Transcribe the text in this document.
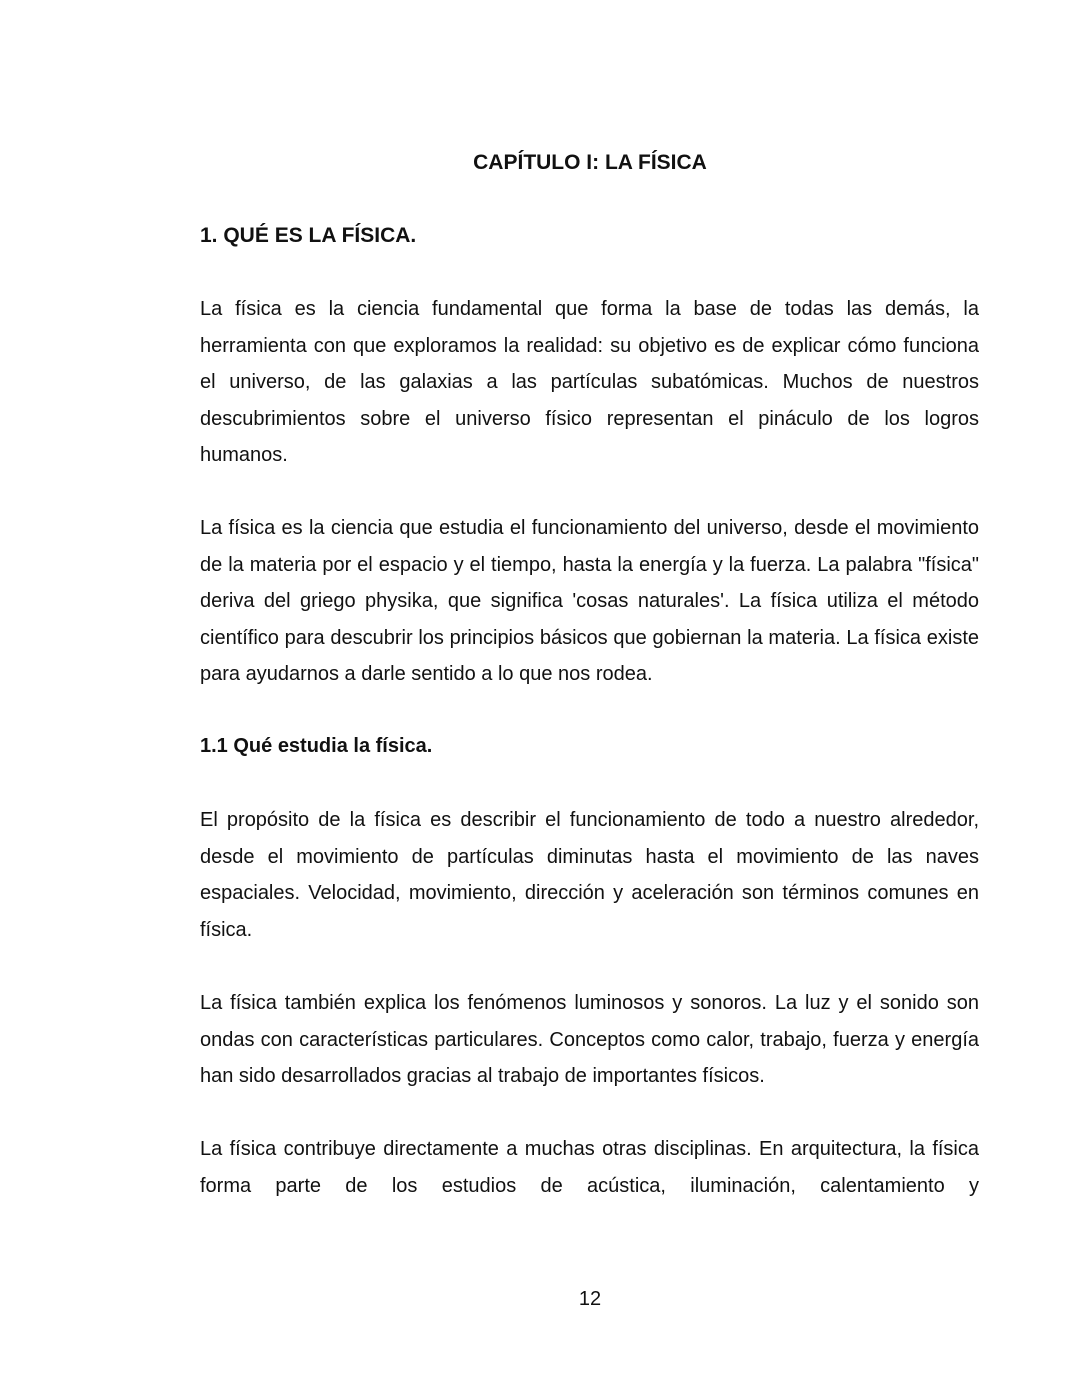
CAPÍTULO I: LA FÍSICA
1. QUÉ ES LA FÍSICA.

La física es la ciencia fundamental que forma la base de todas las demás, la herramienta con que exploramos la realidad: su objetivo es de explicar cómo funciona el universo, de las galaxias a las partículas subatómicas. Muchos de nuestros descubrimientos sobre el universo físico representan el pináculo de los logros humanos.

La física es la ciencia que estudia el funcionamiento del universo, desde el movimiento de la materia por el espacio y el tiempo, hasta la energía y la fuerza. La palabra "física" deriva del griego physika, que significa 'cosas naturales'. La física utiliza el método científico para descubrir los principios básicos que gobiernan la materia. La física existe para ayudarnos a darle sentido a lo que nos rodea.

1.1 Qué estudia la física.

El propósito de la física es describir el funcionamiento de todo a nuestro alrededor, desde el movimiento de partículas diminutas hasta el movimiento de las naves espaciales. Velocidad, movimiento, dirección y aceleración son términos comunes en física.

La física también explica los fenómenos luminosos y sonoros. La luz y el sonido son ondas con características particulares. Conceptos como calor, trabajo, fuerza y energía han sido desarrollados gracias al trabajo de importantes físicos.

La física contribuye directamente a muchas otras disciplinas. En arquitectura, la física forma parte de los estudios de acústica, iluminación, calentamiento y

12
